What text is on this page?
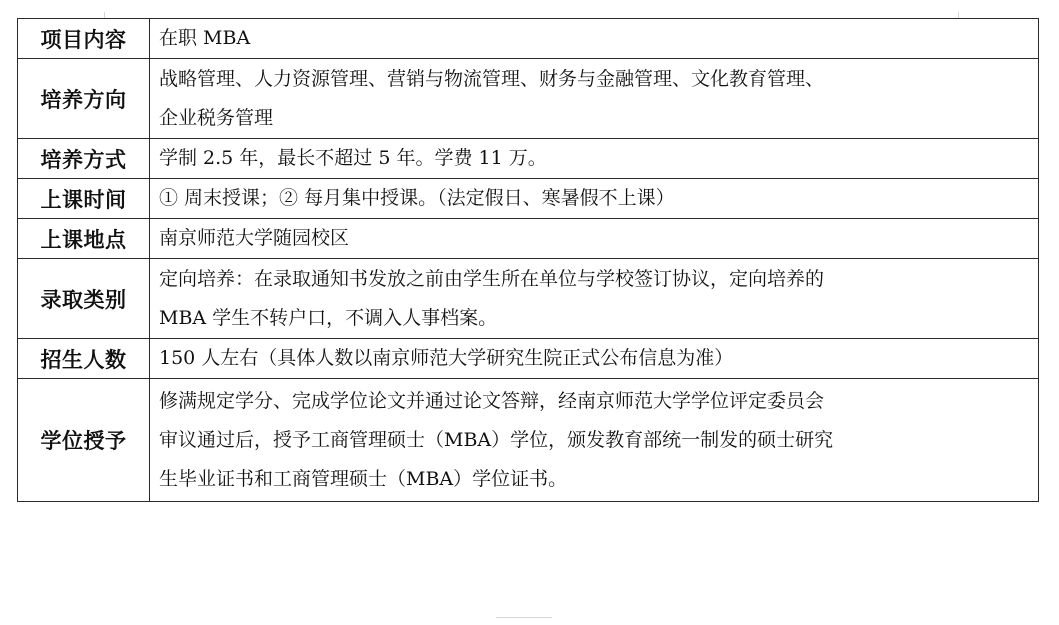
项目内容	在职 MBA

培养方向	战略管理、人力资源管理、营销与物流管理、财务与金融管理、文化教育管理、
企业税务管理

培养方式	学制 2.5 年，最长不超过 5 年。学费 11 万。

上课时间	① 周末授课；② 每月集中授课。（法定假日、寒暑假不上课）

上课地点	南京师范大学随园校区

录取类别	定向培养：在录取通知书发放之前由学生所在单位与学校签订协议，定向培养的
MBA 学生不转户口，不调入人事档案。

招生人数	150 人左右（具体人数以南京师范大学研究生院正式公布信息为准）

学位授予	修满规定学分、完成学位论文并通过论文答辩，经南京师范大学学位评定委员会
审议通过后，授予工商管理硕士（MBA）学位，颁发教育部统一制发的硕士研究
生毕业证书和工商管理硕士（MBA）学位证书。
